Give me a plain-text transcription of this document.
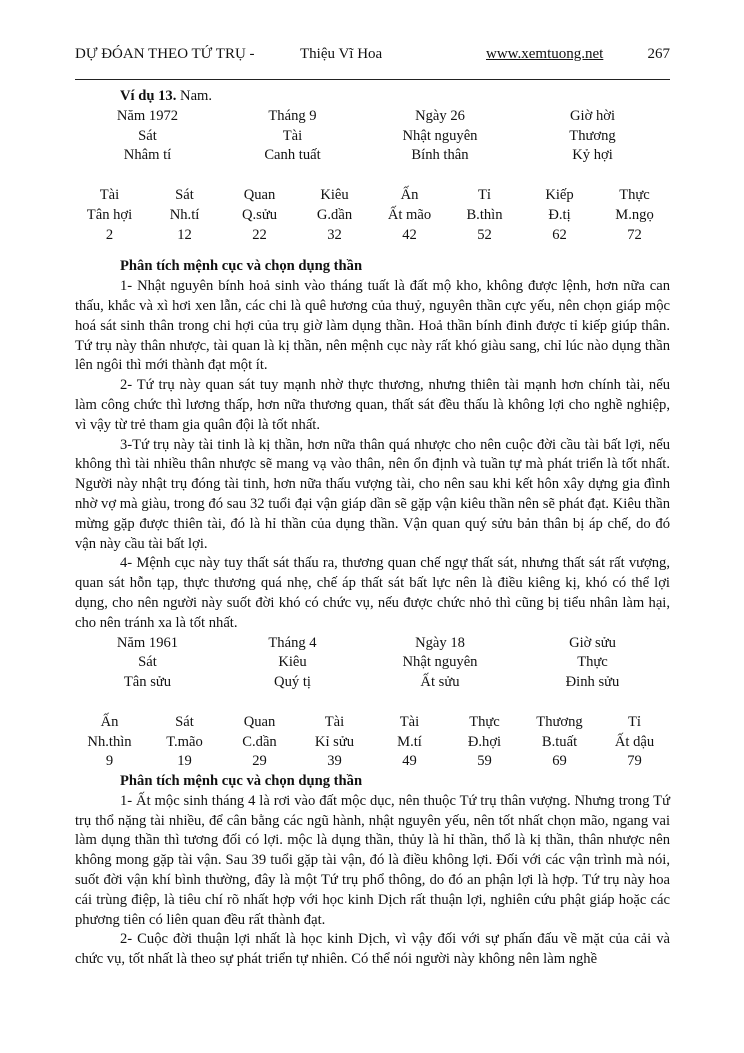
DỰ ĐÓAN THEO TỨ TRỤ -	Thiệu Vĩ Hoa	www.xemtuong.net	267
Ví dụ 13. Nam.
Năm 1972	Tháng 9	Ngày 26	Giờ hời
Sát	Tài	Nhật nguyên	Thương
Nhâm tí	Canh tuất	Bính thân	Kỷ hợi
Tài	Sát	Quan	Kiêu	Ấn	Tỉ	Kiếp	Thực
Tân hợi	Nh.tí	Q.sửu	G.dần	Ất mão	B.thìn	Đ.tị	M.ngọ
2	12	22	32	42	52	62	72
Phân tích mệnh cục và chọn dụng thần

1- Nhật nguyên bính hoả sinh vào tháng tuất là đất mộ kho, không được lệnh, hơn nữa can thấu, khắc và xì hơi xen lẫn, các chi là quê hương của thuỷ, nguyên thần cực yếu, nên chọn giáp mộc hoá sát sinh thân trong chi hợi của trụ giờ làm dụng thần. Hoả thần bính đinh được tỉ kiếp giúp thân. Tứ trụ này thân nhược, tài quan là kị thần, nên mệnh cục này rất khó giàu sang, chỉ lúc nào dụng thần lên ngôi thì mới thành đạt một ít.

2- Tứ trụ này quan sát tuy mạnh nhờ thực thương, nhưng thiên tài mạnh hơn chính tài, nếu làm công chức thì lương thấp, hơn nữa thương quan, thất sát đều thấu là không lợi cho nghề nghiệp, vì vậy từ trẻ tham gia quân đội là tốt nhất.

3-Tứ trụ này tài tinh là kị thần, hơn nữa thân quá nhược cho nên cuộc đời cầu tài bất lợi, nếu không thì tài nhiều thân nhược sẽ mang vạ vào thân, nên ổn định và tuần tự mà phát triển là tốt nhất. Người này nhật trụ đóng tài tinh, hơn nữa thấu vượng tài, cho nên sau khi kết hôn xây dựng gia đình nhờ vợ mà giàu, trong đó sau 32 tuổi đại vận giáp dần sẽ gặp vận kiêu thần nên sẽ phát đạt. Kiêu thần mừng gặp được thiên tài, đó là hỉ thần của dụng thần. Vận quan quý sửu bản thân bị áp chế, do đó vận này cầu tài bất lợi.

4- Mệnh cục này tuy thất sát thấu ra, thương quan chế ngự thất sát, nhưng thất sát rất vượng, quan sát hỗn tạp, thực thương quá nhẹ, chế áp thất sát bất lực nên là điều kiêng kị, khó có thể lợi dụng, cho nên người này suốt đời khó có chức vụ, nếu được chức nhỏ thì cũng bị tiểu nhân làm hại, cho nên tránh xa là tốt nhất.

Năm 1961	Tháng 4	Ngày 18	Giờ sửu
Sát	Kiêu	Nhật nguyên	Thực
Tân sửu	Quý tị	Ất sửu	Đinh sửu
Ấn	Sát	Quan	Tài	Tài	Thực	Thương	Tỉ
Nh.thìn	T.mão	C.dần	Kỉ sửu	M.tí	Đ.hợi	B.tuất	Ất dậu
9	19	29	39	49	59	69	79
Phân tích mệnh cục và chọn dụng thần

1- Ất mộc sinh tháng 4 là rơi vào đất mộc dục, nên thuộc Tứ trụ thân vượng. Nhưng trong Tứ trụ thổ nặng tài nhiều, để cân bằng các ngũ hành, nhật nguyên yếu, nên tốt nhất chọn mão, ngang vai làm dụng thần thì tương đối có lợi. mộc là dụng thần, thủy là hỉ thần, thổ là kị thần, thân nhược nên không mong gặp tài vận. Sau 39 tuổi gặp tài vận, đó là điều không lợi. Đối với các vận trình mà nói, suốt đời vận khí bình thường, đây là một Tứ trụ phổ thông, do đó an phận lợi là hợp. Tứ trụ này hoa cái trùng điệp, là tiêu chí rõ nhất hợp với học kinh Dịch rất thuận lợi, nghiên cứu phật giáp hoặc các phương tiên có liên quan đều rất thành đạt.

2- Cuộc đời thuận lợi nhất là học kinh Dịch, vì vậy đối với sự phấn đấu về mặt của cải và chức vụ, tốt nhất là theo sự phát triển tự nhiên. Có thể nói người này không nên làm nghề
